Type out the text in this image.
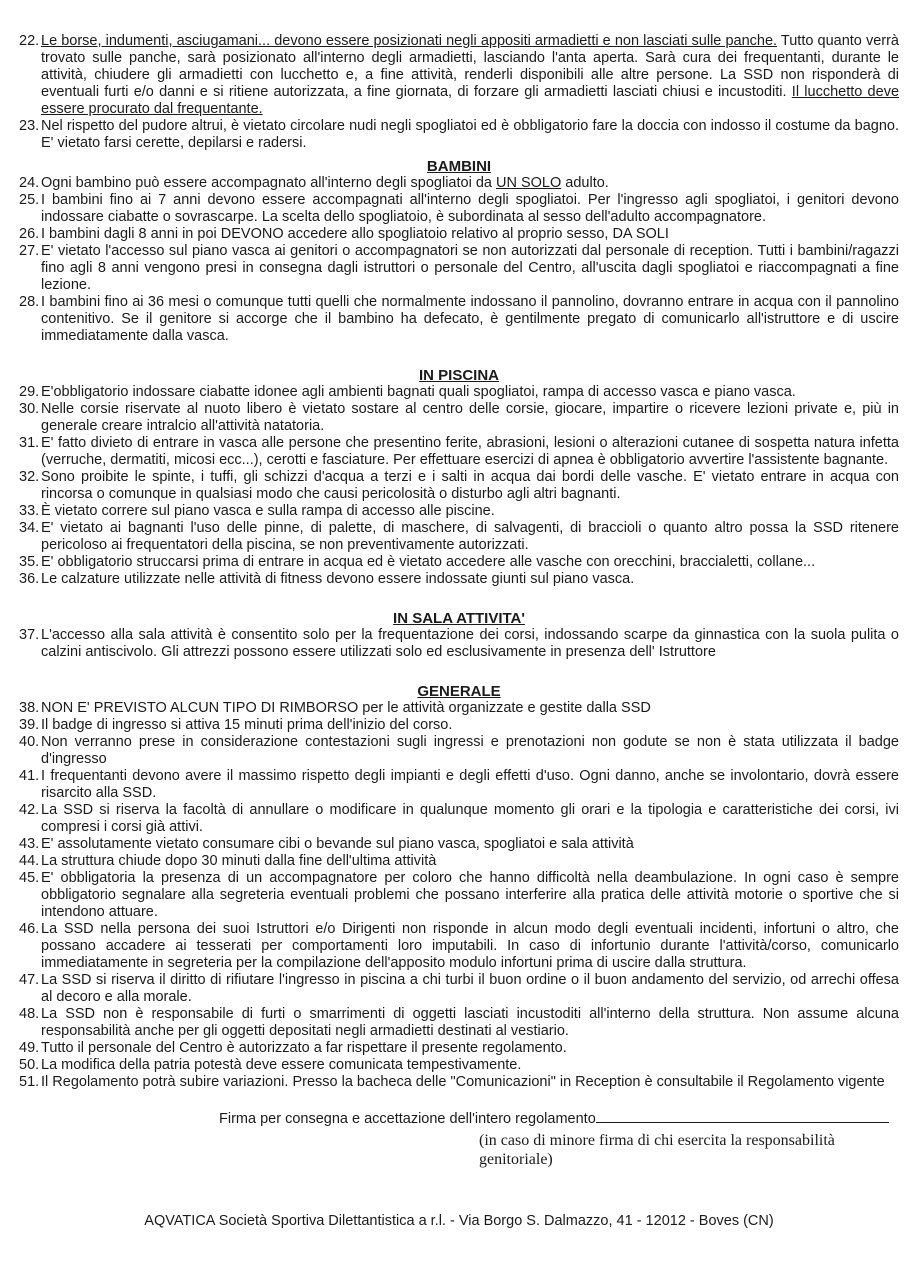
22. Le borse, indumenti, asciugamani... devono essere posizionati negli appositi armadietti e non lasciati sulle panche. Tutto quanto verrà trovato sulle panche, sarà posizionato all'interno degli armadietti, lasciando l'anta aperta. Sarà cura dei frequentanti, durante le attività, chiudere gli armadietti con lucchetto e, a fine attività, renderli disponibili alle altre persone. La SSD non risponderà di eventuali furti e/o danni e si ritiene autorizzata, a fine giornata, di forzare gli armadietti lasciati chiusi e incustoditi. Il lucchetto deve essere procurato dal frequentante.
23. Nel rispetto del pudore altrui, è vietato circolare nudi negli spogliatoi ed è obbligatorio fare la doccia con indosso il costume da bagno. E' vietato farsi cerette, depilarsi e radersi.
BAMBINI
24. Ogni bambino può essere accompagnato all'interno degli spogliatoi da UN SOLO adulto.
25. I bambini fino ai 7 anni devono essere accompagnati all'interno degli spogliatoi. Per l'ingresso agli spogliatoi, i genitori devono indossare ciabatte o sovrascarpe. La scelta dello spogliatoio, è subordinata al sesso dell'adulto accompagnatore.
26. I bambini dagli 8 anni in poi DEVONO accedere allo spogliatoio relativo al proprio sesso, DA SOLI
27. E' vietato l'accesso sul piano vasca ai genitori o accompagnatori se non autorizzati dal personale di reception. Tutti i bambini/ragazzi fino agli 8 anni vengono presi in consegna dagli istruttori o personale del Centro, all'uscita dagli spogliatoi e riaccompagnati a fine lezione.
28. I bambini fino ai 36 mesi o comunque tutti quelli che normalmente indossano il pannolino, dovranno entrare in acqua con il pannolino contenitivo. Se il genitore si accorge che il bambino ha defecato, è gentilmente pregato di comunicarlo all'istruttore e di uscire immediatamente dalla vasca.
IN PISCINA
29. E'obbligatorio indossare ciabatte idonee agli ambienti bagnati quali spogliatoi, rampa di accesso vasca e piano vasca.
30. Nelle corsie riservate al nuoto libero è vietato sostare al centro delle corsie, giocare, impartire o ricevere lezioni private e, più in generale creare intralcio all'attività natatoria.
31. E' fatto divieto di entrare in vasca alle persone che presentino ferite, abrasioni, lesioni o alterazioni cutanee di sospetta natura infetta (verruche, dermatiti, micosi ecc...), cerotti e fasciature. Per effettuare esercizi di apnea è obbligatorio avvertire l'assistente bagnante.
32. Sono proibite le spinte, i tuffi, gli schizzi d'acqua a terzi e i salti in acqua dai bordi delle vasche. E' vietato entrare in acqua con rincorsa o comunque in qualsiasi modo che causi pericolosità o disturbo agli altri bagnanti.
33. È vietato correre sul piano vasca e sulla rampa di accesso alle piscine.
34. E' vietato ai bagnanti l'uso delle pinne, di palette, di maschere, di salvagenti, di braccioli o quanto altro possa la SSD ritenere pericoloso ai frequentatori della piscina, se non preventivamente autorizzati.
35. E' obbligatorio struccarsi prima di entrare in acqua ed è vietato accedere alle vasche con orecchini, braccialetti, collane...
36. Le calzature utilizzate nelle attività di fitness devono essere indossate giunti sul piano vasca.
IN SALA ATTIVITA'
37. L'accesso alla sala attività è consentito solo per la frequentazione dei corsi, indossando scarpe da ginnastica con la suola pulita o calzini antiscivolo. Gli attrezzi possono essere utilizzati solo ed esclusivamente in presenza dell' Istruttore
GENERALE
38. NON E' PREVISTO ALCUN TIPO DI RIMBORSO per le attività organizzate e gestite dalla SSD
39. Il badge di ingresso si attiva 15 minuti prima dell'inizio del corso.
40. Non verranno prese in considerazione contestazioni sugli ingressi e prenotazioni non godute se non è stata utilizzata il badge d'ingresso
41. I frequentanti devono avere il massimo rispetto degli impianti e degli effetti d'uso. Ogni danno, anche se involontario, dovrà essere risarcito alla SSD.
42. La SSD si riserva la facoltà di annullare o modificare in qualunque momento gli orari e la tipologia e caratteristiche dei corsi, ivi compresi i corsi già attivi.
43. E' assolutamente vietato consumare cibi o bevande sul piano vasca, spogliatoi e sala attività
44. La struttura chiude dopo 30 minuti dalla fine dell'ultima attività
45. E' obbligatoria la presenza di un accompagnatore per coloro che hanno difficoltà nella deambulazione. In ogni caso è sempre obbligatorio segnalare alla segreteria eventuali problemi che possano interferire alla pratica delle attività motorie o sportive che si intendono attuare.
46. La SSD nella persona dei suoi Istruttori e/o Dirigenti non risponde in alcun modo degli eventuali incidenti, infortuni o altro, che possano accadere ai tesserati per comportamenti loro imputabili. In caso di infortunio durante l'attività/corso, comunicarlo immediatamente in segreteria per la compilazione dell'apposito modulo infortuni prima di uscire dalla struttura.
47. La SSD si riserva il diritto di rifiutare l'ingresso in piscina a chi turbi il buon ordine o il buon andamento del servizio, od arrechi offesa al decoro e alla morale.
48. La SSD non è responsabile di furti o smarrimenti di oggetti lasciati incustoditi all'interno della struttura. Non assume alcuna responsabilità anche per gli oggetti depositati negli armadietti destinati al vestiario.
49. Tutto il personale del Centro è autorizzato a far rispettare il presente regolamento.
50. La modifica della patria potestà deve essere comunicata tempestivamente.
51. Il Regolamento potrà subire variazioni. Presso la bacheca delle "Comunicazioni" in Reception è consultabile il Regolamento vigente
Firma per consegna e accettazione dell'intero regolamento
(in caso di minore firma di chi esercita la responsabilità genitoriale)
AQVATICA Società Sportiva Dilettantistica a r.l. - Via Borgo S. Dalmazzo, 41 - 12012 - Boves (CN)
